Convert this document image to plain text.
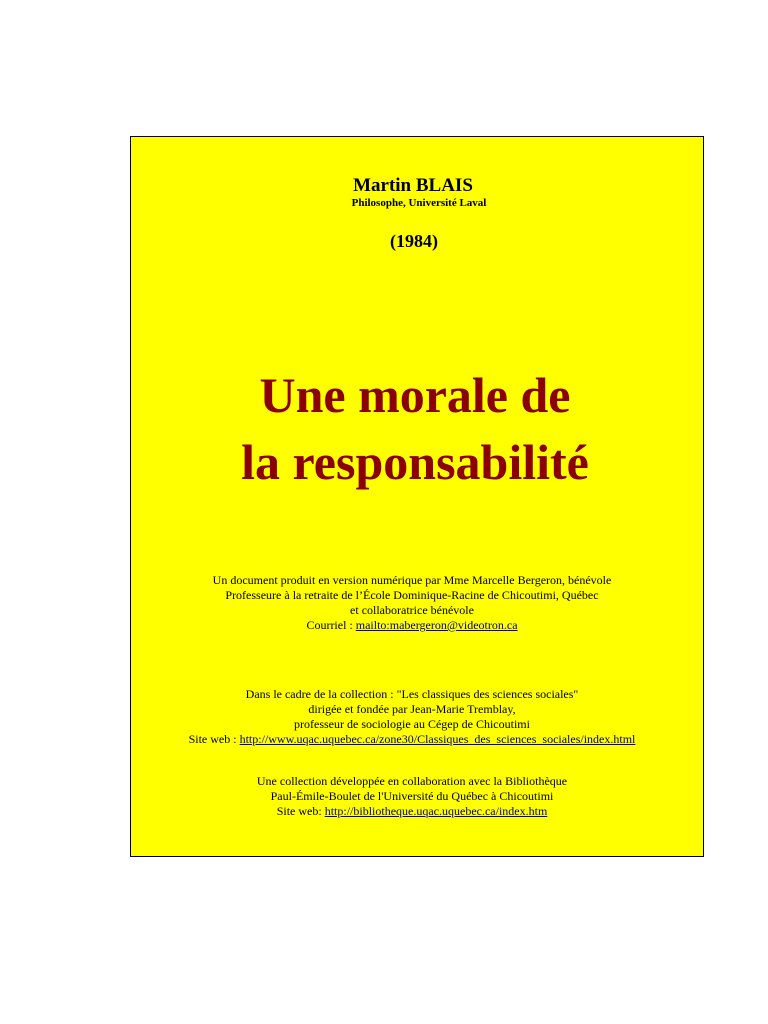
Martin BLAIS
Philosophe, Université Laval
(1984)
Une morale de
la responsabilité
Un document produit en version numérique par Mme Marcelle Bergeron, bénévole
Professeure à la retraite de l’École Dominique-Racine de Chicoutimi, Québec
et collaboratrice bénévole
Courriel : mailto:mabergeron@videotron.ca
Dans le cadre de la collection : "Les classiques des sciences sociales"
dirigée et fondée par Jean-Marie Tremblay,
professeur de sociologie au Cégep de Chicoutimi
Site web : http://www.uqac.uquebec.ca/zone30/Classiques_des_sciences_sociales/index.html
Une collection développée en collaboration avec la Bibliothèque
Paul-Émile-Boulet de l'Université du Québec à Chicoutimi
Site web: http://bibliotheque.uqac.uquebec.ca/index.htm
